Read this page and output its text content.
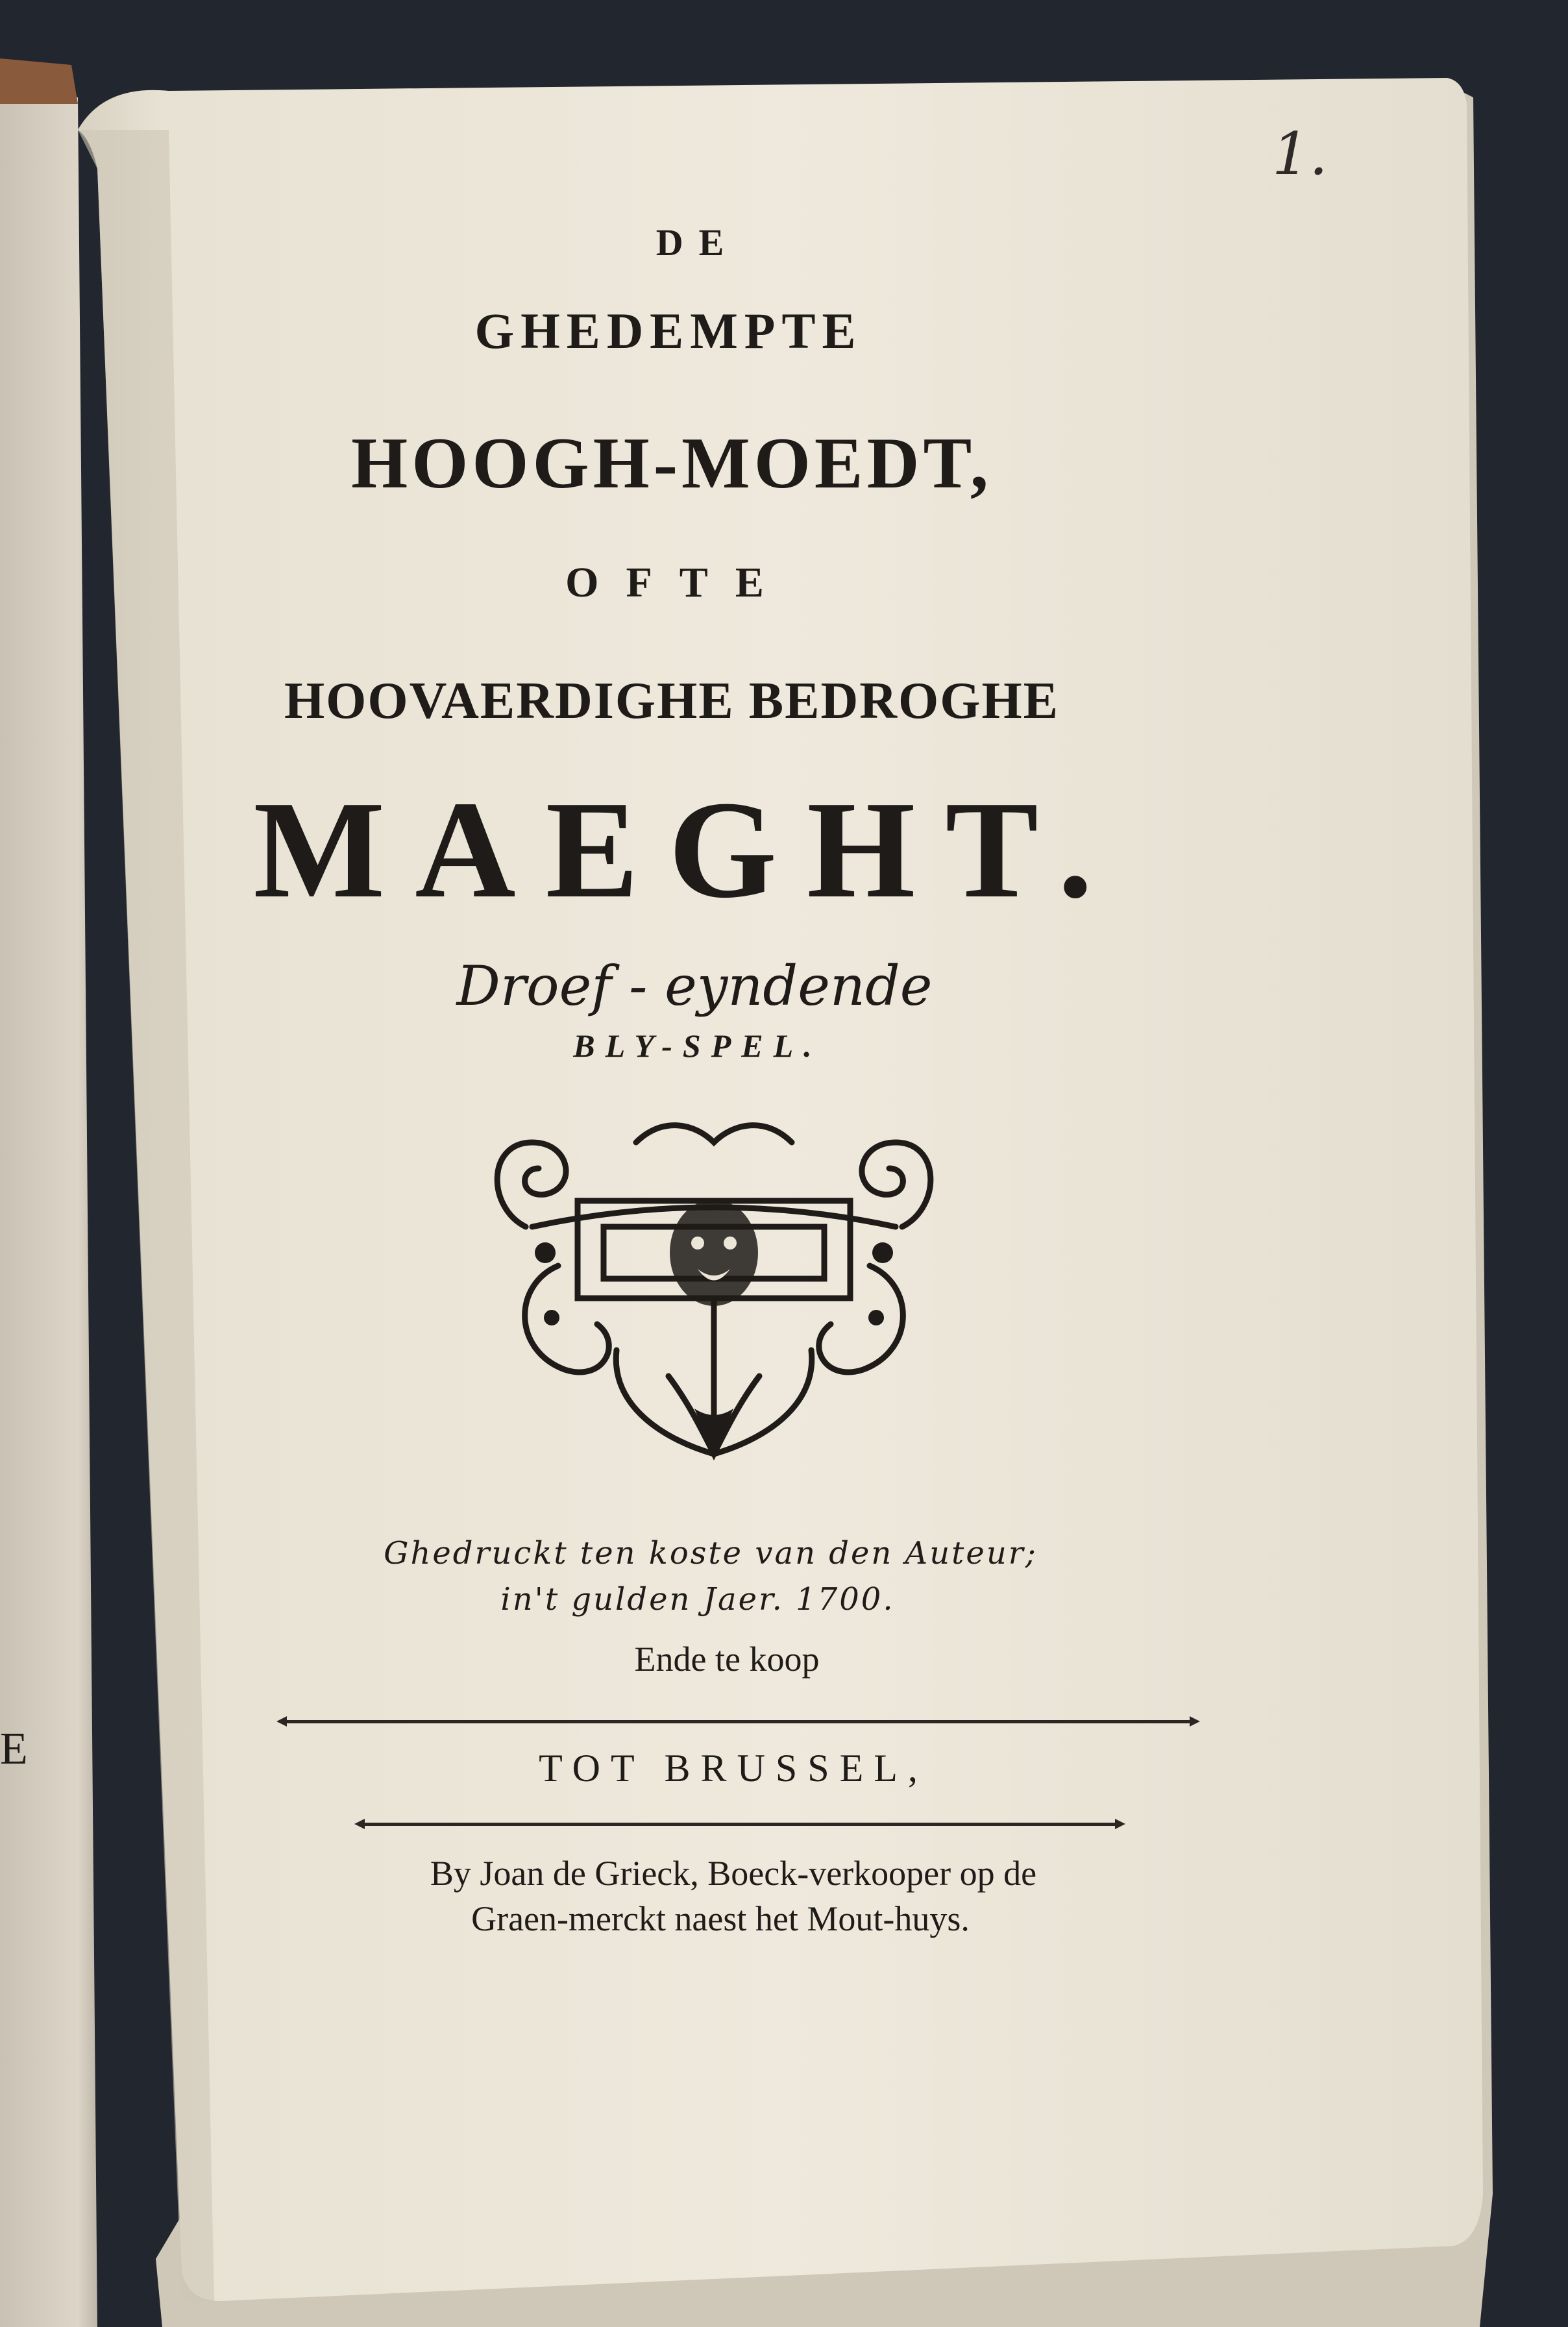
1.
DE
GHEDEMPTE
HOOGH-MOEDT,
OFTE
HOOVAERDIGHE BEDROGHE
MAEGHT.
Droef - eyndende
BLY-SPEL.
Ghedruckt ten koste van den Auteur;
in't gulden Jaer. 1700.
Ende te koop
TOT BRUSSEL,
By Joan de Grieck, Boeck-verkooper op de
Graen-merckt naest het Mout-huys.
E
